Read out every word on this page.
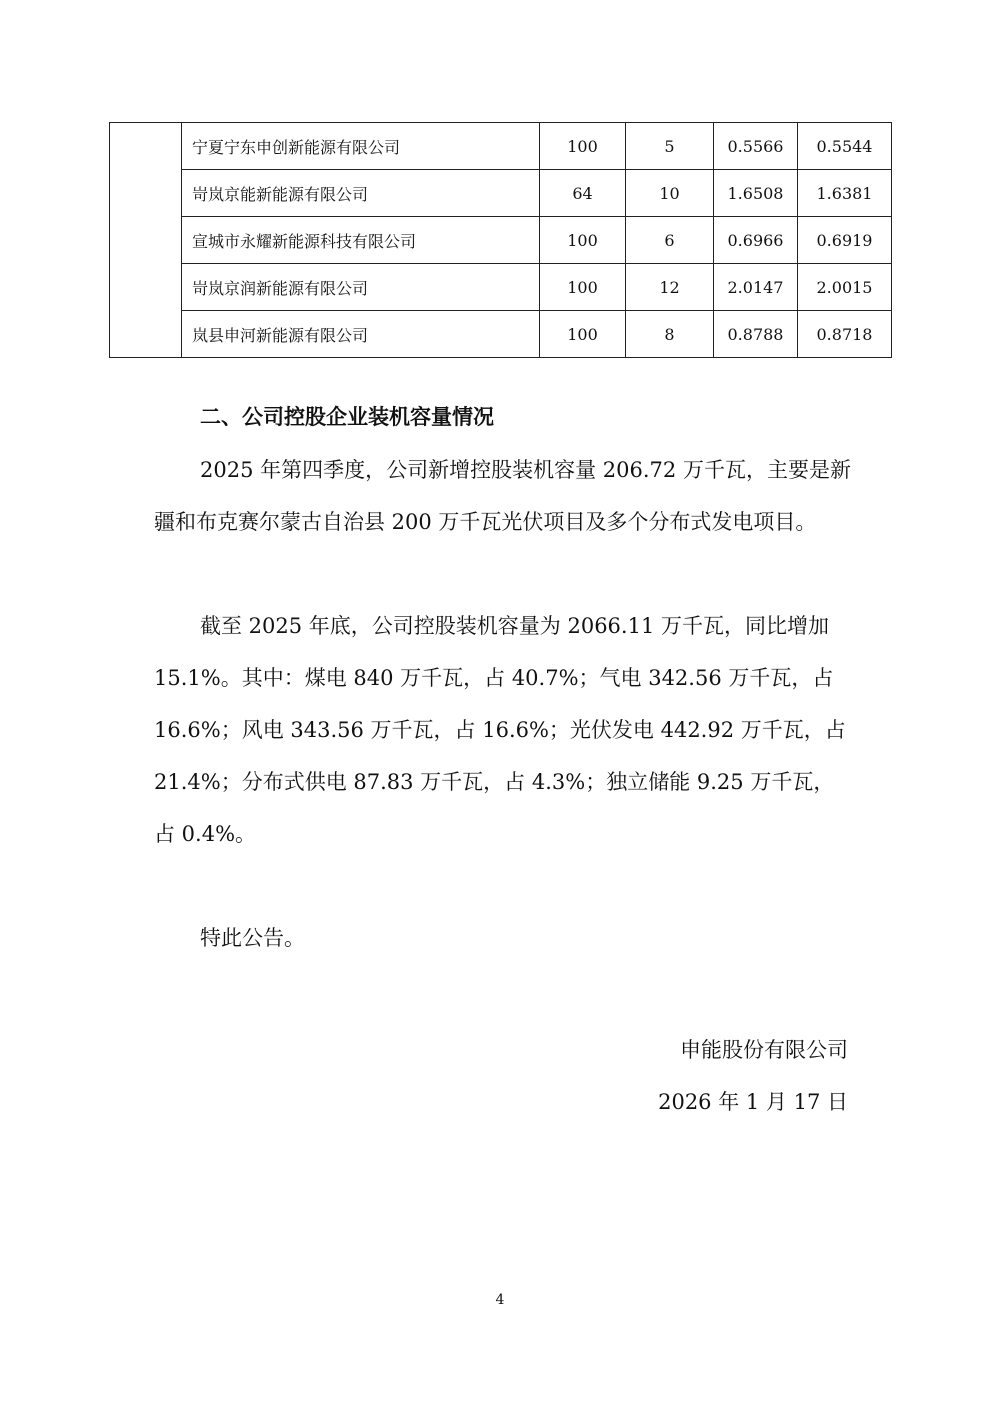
	宁夏宁东申创新能源有限公司	100	5	0.5566	0.5544
	岢岚京能新能源有限公司	64	10	1.6508	1.6381
	宣城市永耀新能源科技有限公司	100	6	0.6966	0.6919
	岢岚京润新能源有限公司	100	12	2.0147	2.0015
	岚县申河新能源有限公司	100	8	0.8788	0.8718
二、公司控股企业装机容量情况

2025 年第四季度，公司新增控股装机容量 206.72 万千瓦，主要是新疆和布克赛尔蒙古自治县 200 万千瓦光伏项目及多个分布式发电项目。

截至 2025 年底，公司控股装机容量为 2066.11 万千瓦，同比增加 15.1%。其中：煤电 840 万千瓦，占 40.7%；气电 342.56 万千瓦，占 16.6%；风电 343.56 万千瓦，占 16.6%；光伏发电 442.92 万千瓦，占 21.4%；分布式供电 87.83 万千瓦，占 4.3%；独立储能 9.25 万千瓦，占 0.4%。

特此公告。

申能股份有限公司
2026 年 1 月 17 日
4
